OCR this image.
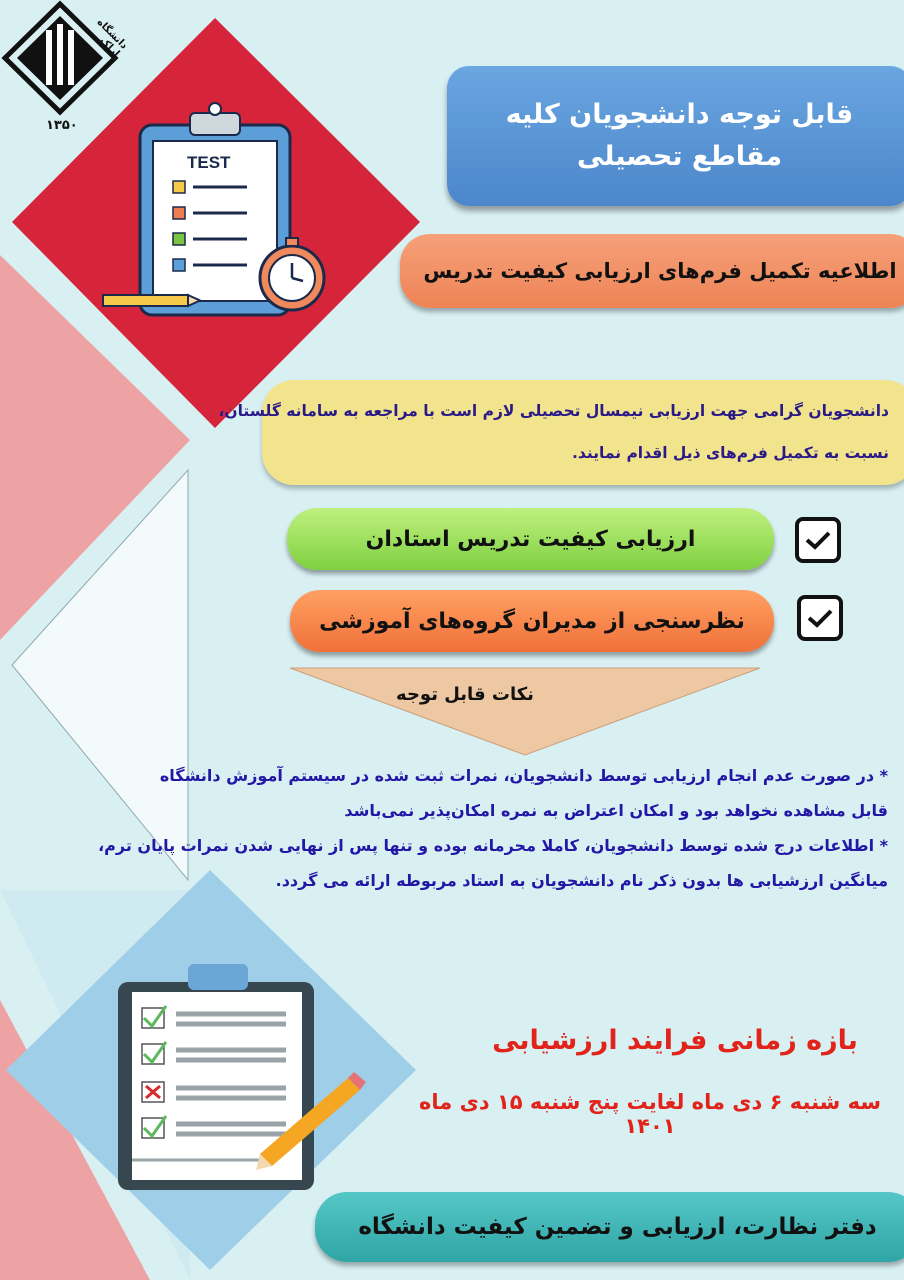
دانشگاه اراک
۱۳۵۰
TEST
قابل توجه دانشجویان کلیه
مقاطع تحصیلی
اطلاعیه تکمیل فرم‌های ارزیابی کیفیت تدریس

دانشجویان گرامی جهت ارزیابی نیمسال تحصیلی لازم است با مراجعه به سامانه گلستان،

نسبت به تکمیل فرم‌های ذیل اقدام نمایند.

ارزیابی کیفیت تدریس استادان
نظرسنجی از مدیران گروه‌های آموزشی
نکات قابل توجه

* در صورت عدم انجام ارزیابی توسط دانشجویان، نمرات ثبت شده در سیستم آموزش دانشگاه

قابل مشاهده نخواهد بود و امکان اعتراض به نمره امکان‌پذیر نمی‌باشد

* اطلاعات درج شده توسط دانشجویان، کاملا محرمانه بوده و تنها پس از نهایی شدن نمرات پایان ترم،

میانگین ارزشیابی ها بدون ذکر نام دانشجویان به استاد مربوطه ارائه می گردد.

بازه زمانی فرایند ارزشیابی
سه شنبه ۶ دی ماه لغایت پنج شنبه ۱۵ دی ماه ۱۴۰۱
دفتر نظارت، ارزیابی و تضمین کیفیت دانشگاه
